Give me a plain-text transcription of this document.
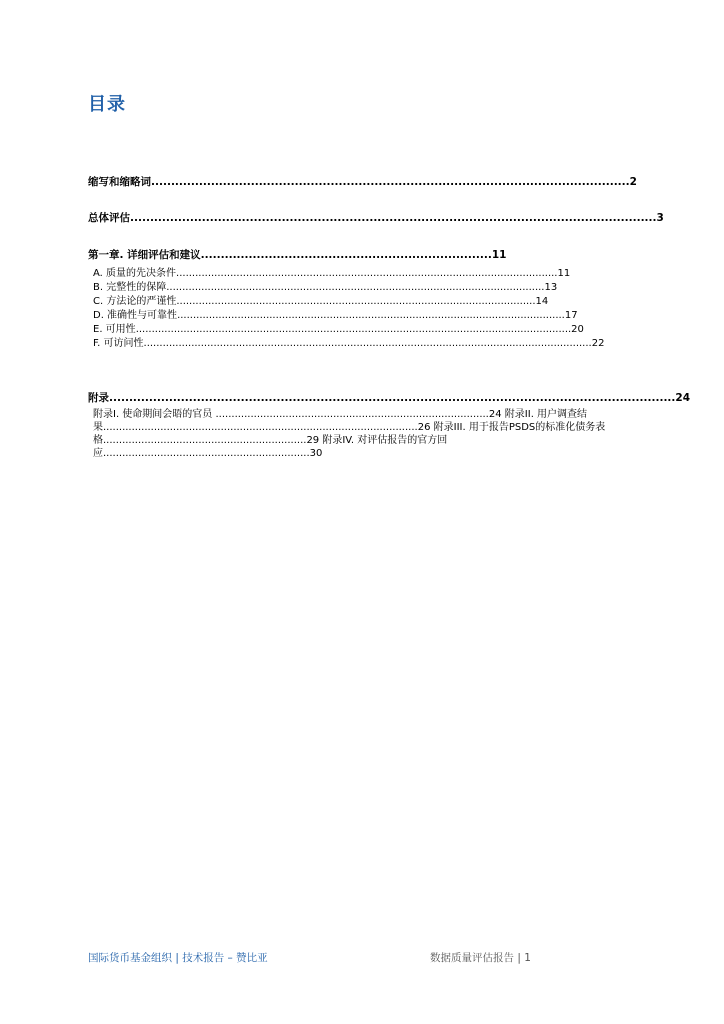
目录
缩写和缩略词........................................................................................................................2
总体评估....................................................................................................................................3
第一章. 详细评估和建议.........................................................................11
A. 质量的先决条件........................................................................................................................11
B. 完整性的保障.......................................................................................................................13
C. 方法论的严谨性.................................................................................................................14
D. 准确性与可靠性..........................................................................................................................17
E. 可用性.........................................................................................................................................20
F. 可访问性.............................................................................................................................................22
附录..............................................................................................................................................24
附录I. 使命期间会晤的官员 ......................................................................................24 附录II. 用户调查结果...................................................................................................26 附录III. 用于报告PSDS的标准化债务表格................................................................29 附录IV. 对评估报告的官方回应.................................................................30
国际货币基金组织 | 技术报告 – 赞比亚	数据质量评估报告 | 1
